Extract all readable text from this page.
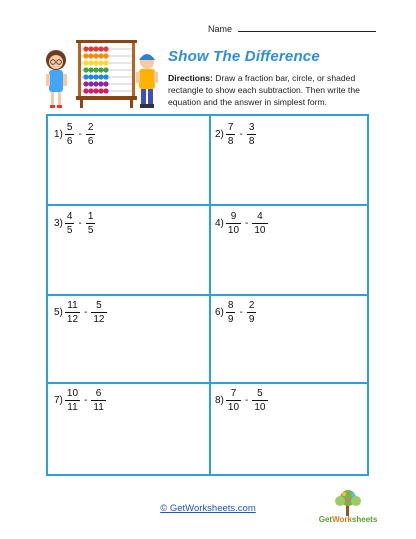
Name
Show The Difference
Directions: Draw a fraction bar, circle, or shaded rectangle to show each subtraction. Then write the equation and the answer in simplest form.
$1) \frac{5}{6} - \frac{2}{6}$	$2) \frac{7}{8} - \frac{3}{8}$
$3) \frac{4}{5} - \frac{1}{5}$	$4) \frac{9}{10} - \frac{4}{10}$
$5) \frac{11}{12} - \frac{5}{12}$	$6) \frac{8}{9} - \frac{2}{9}$
$7) \frac{10}{11} - \frac{6}{11}$	$8) \frac{7}{10} - \frac{5}{10}$
© GetWorksheets.com
GetWorksheets
